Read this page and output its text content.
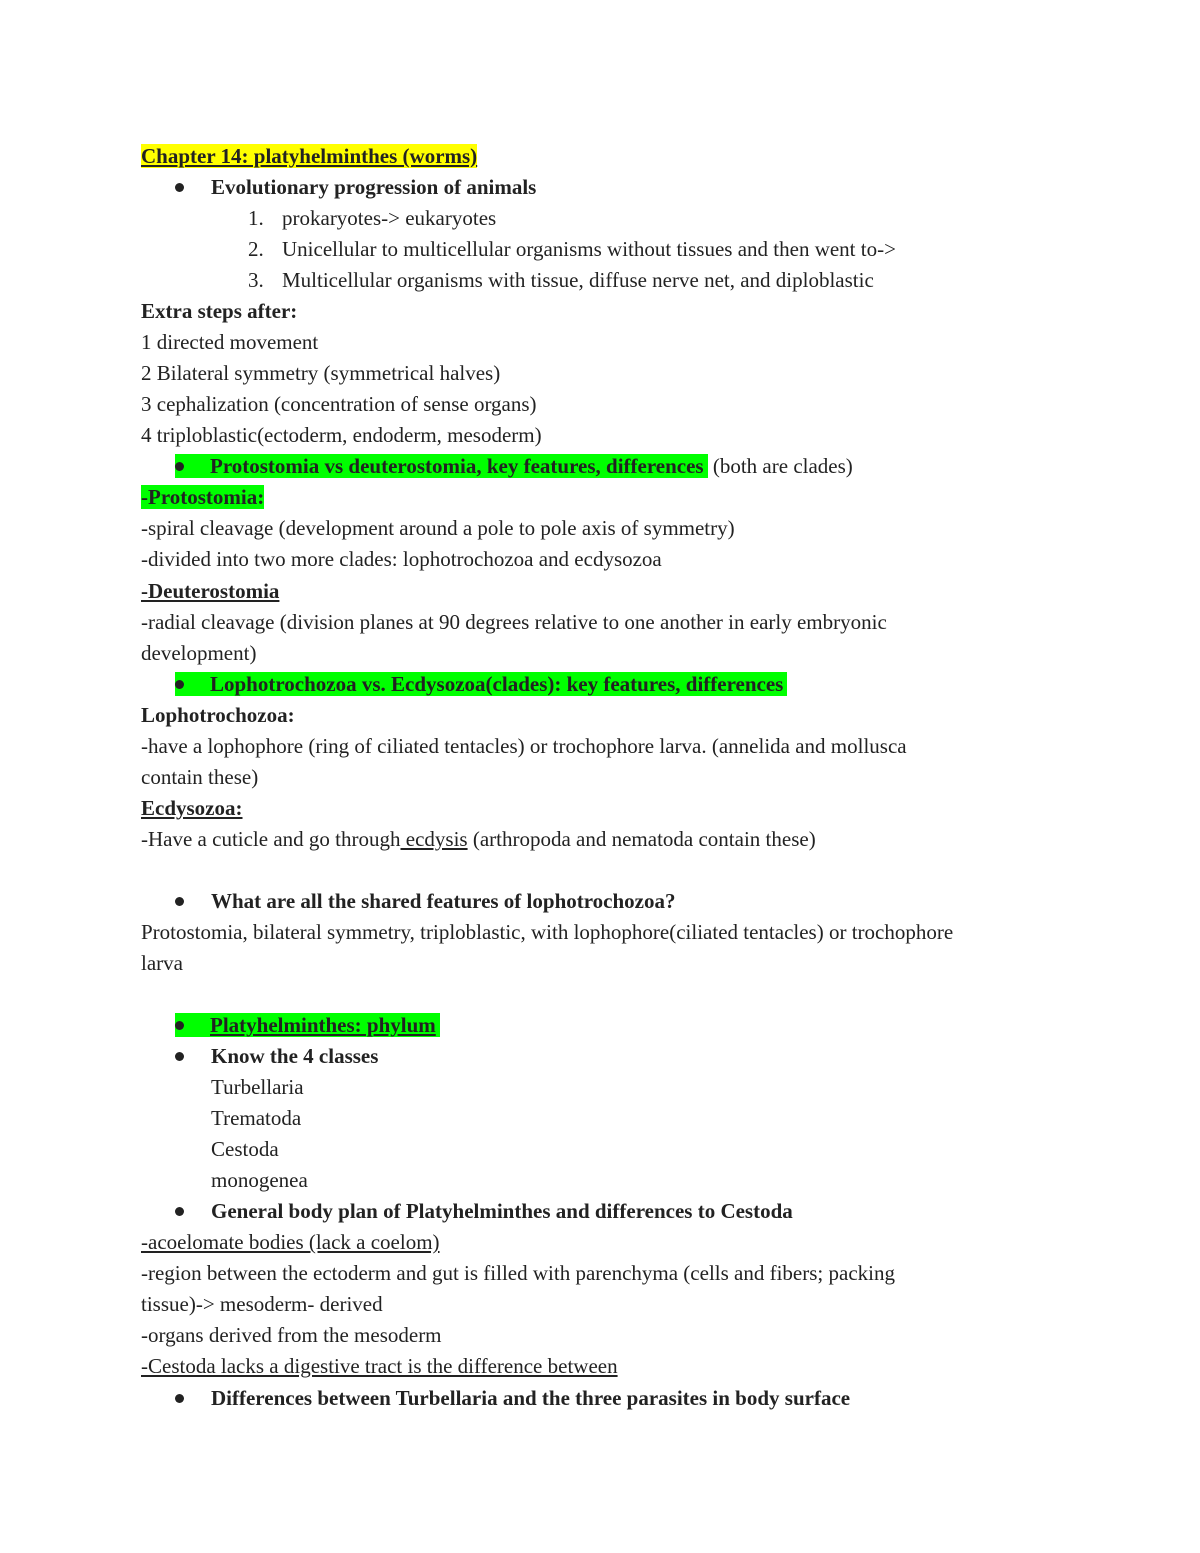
Chapter 14: platyhelminthes (worms)
Evolutionary progression of animals
1. prokaryotes-> eukaryotes
2. Unicellular to multicellular organisms without tissues and then went to->
3. Multicellular organisms with tissue, diffuse nerve net, and diploblastic
Extra steps after:
1 directed movement
2 Bilateral symmetry (symmetrical halves)
3 cephalization (concentration of sense organs)
4 triploblastic(ectoderm, endoderm, mesoderm)
Protostomia vs deuterostomia, key features, differences (both are clades)
-Protostomia:
-spiral cleavage (development around a pole to pole axis of symmetry)
-divided into two more clades: lophotrochozoa and ecdysozoa
-Deuterostomia
-radial cleavage (division planes at 90 degrees relative to one another in early embryonic
development)
Lophotrochozoa vs. Ecdysozoa(clades): key features, differences
Lophotrochozoa:
-have a lophophore (ring of ciliated tentacles) or trochophore larva. (annelida and mollusca
contain these)
Ecdysozoa:
-Have a cuticle and go through ecdysis (arthropoda and nematoda contain these)
What are all the shared features of lophotrochozoa?
Protostomia, bilateral symmetry, triploblastic, with lophophore(ciliated tentacles) or trochophore
larva
Platyhelminthes: phylum
Know the 4 classes
Turbellaria
Trematoda
Cestoda
monogenea
General body plan of Platyhelminthes and differences to Cestoda
-acoelomate bodies (lack a coelom)
-region between the ectoderm and gut is filled with parenchyma (cells and fibers; packing
tissue)-> mesoderm- derived
-organs derived from the mesoderm
-Cestoda lacks a digestive tract is the difference between
Differences between Turbellaria and the three parasites in body surface
